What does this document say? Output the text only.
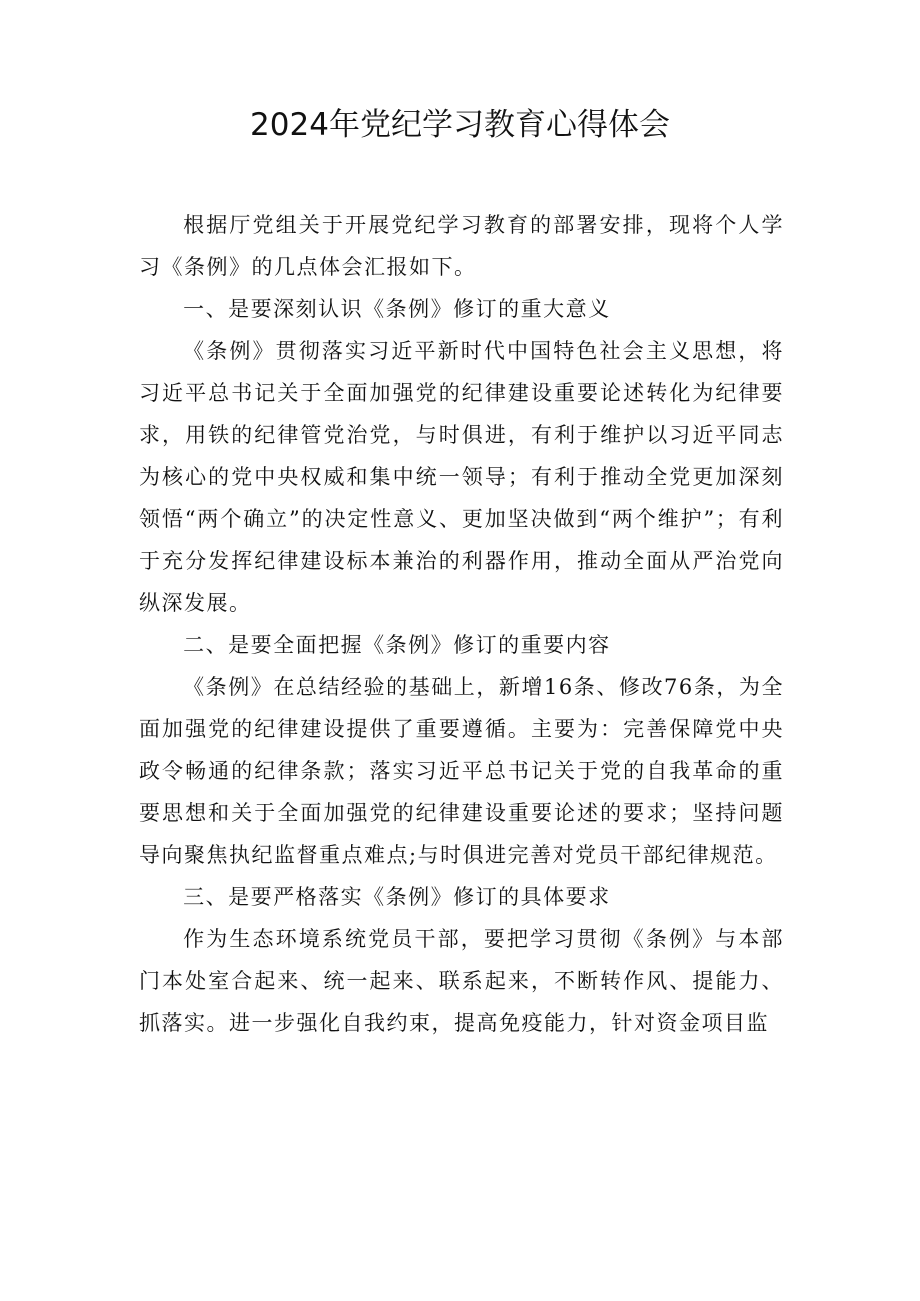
2024年党纪学习教育心得体会

根据厅党组关于开展党纪学习教育的部署安排，现将个人学习《条例》的几点体会汇报如下。

一、是要深刻认识《条例》修订的重大意义

《条例》贯彻落实习近平新时代中国特色社会主义思想，将习近平总书记关于全面加强党的纪律建设重要论述转化为纪律要求，用铁的纪律管党治党，与时俱进，有利于维护以习近平同志为核心的党中央权威和集中统一领导；有利于推动全党更加深刻领悟“两个确立”的决定性意义、更加坚决做到“两个维护”；有利于充分发挥纪律建设标本兼治的利器作用，推动全面从严治党向纵深发展。

二、是要全面把握《条例》修订的重要内容

《条例》在总结经验的基础上，新增16条、修改76条，为全面加强党的纪律建设提供了重要遵循。主要为：完善保障党中央政令畅通的纪律条款；落实习近平总书记关于党的自我革命的重要思想和关于全面加强党的纪律建设重要论述的要求；坚持问题导向聚焦执纪监督重点难点;与时俱进完善对党员干部纪律规范。

三、是要严格落实《条例》修订的具体要求

作为生态环境系统党员干部，要把学习贯彻《条例》与本部门本处室合起来、统一起来、联系起来，不断转作风、提能力、抓落实。进一步强化自我约束，提高免疫能力，针对资金项目监
